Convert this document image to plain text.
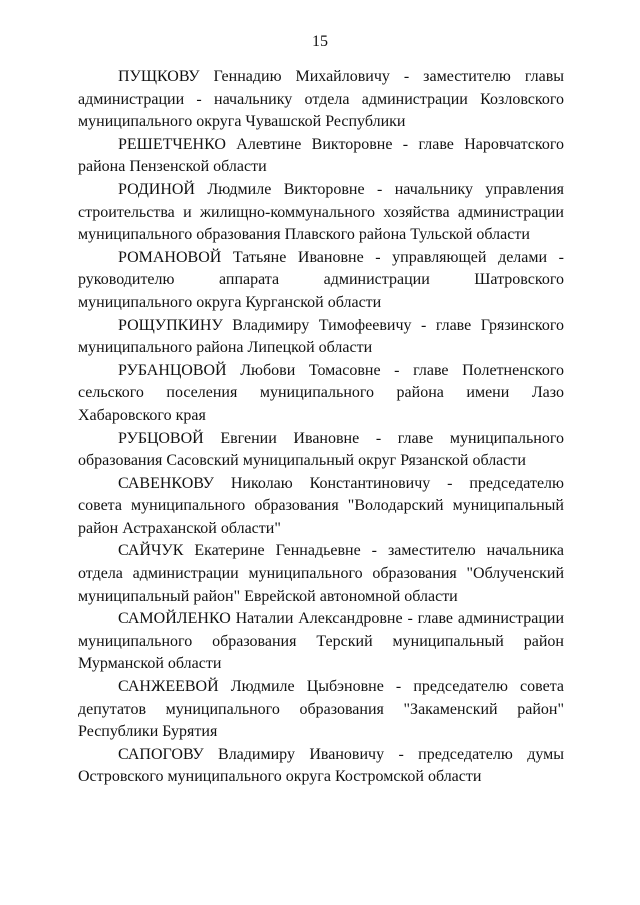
15
ПУЩКОВУ Геннадию Михайловичу - заместителю главы
администрации - начальнику отдела администрации Козловского
муниципального округа Чувашской Республики
РЕШЕТЧЕНКО Алевтине Викторовне - главе Наровчатского
района Пензенской области
РОДИНОЙ Людмиле Викторовне - начальнику управления
строительства и жилищно-коммунального хозяйства администрации
муниципального образования Плавского района Тульской области
РОМАНОВОЙ Татьяне Ивановне - управляющей делами -
руководителю аппарата администрации Шатровского
муниципального округа Курганской области
РОЩУПКИНУ Владимиру Тимофеевичу - главе Грязинского
муниципального района Липецкой области
РУБАНЦОВОЙ Любови Томасовне - главе Полетненского
сельского поселения муниципального района имени Лазо
Хабаровского края
РУБЦОВОЙ Евгении Ивановне - главе муниципального
образования Сасовский муниципальный округ Рязанской области
САВЕНКОВУ Николаю Константиновичу - председателю
совета муниципального образования "Володарский муниципальный
район Астраханской области"
САЙЧУК Екатерине Геннадьевне - заместителю начальника
отдела администрации муниципального образования "Облученский
муниципальный район" Еврейской автономной области
САМОЙЛЕНКО Наталии Александровне - главе администрации
муниципального образования Терский муниципальный район
Мурманской области
САНЖЕЕВОЙ Людмиле Цыбэновне - председателю совета
депутатов муниципального образования "Закаменский район"
Республики Бурятия
САПОГОВУ Владимиру Ивановичу - председателю думы
Островского муниципального округа Костромской области
